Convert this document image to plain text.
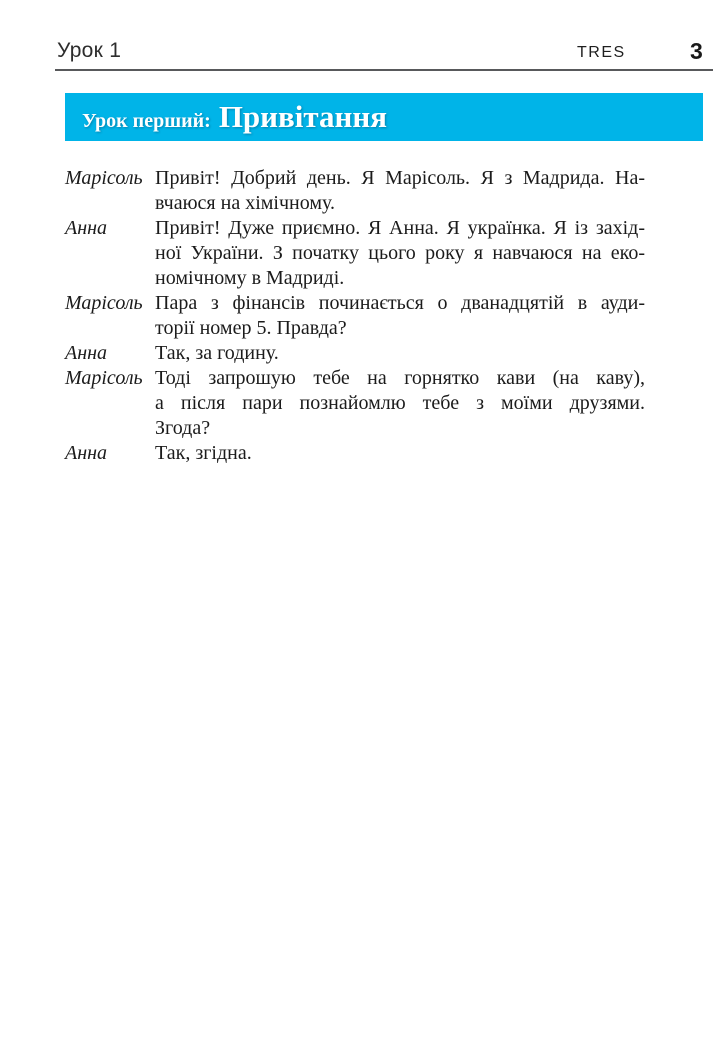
Урок 1	TRES	3
Урок перший: Привітання
Марісоль Привіт! Добрий день. Я Марісоль. Я з Мадрида. На-
вчаюся на хімічному.
Анна	Привіт! Дуже приємно. Я Анна. Я українка. Я із захід-
ної України. З початку цього року я навчаюся на еко-
номічному в Мадриді.
Марісоль Пара з фінансів починається о дванадцятій в ауди-
торії номер 5. Правда?
Анна	Так, за годину.
Марісоль Тоді запрошую тебе на горнятко кави (на каву),
а після пари познайомлю тебе з моїми друзями.
Згода?
Анна	Так, згідна.
